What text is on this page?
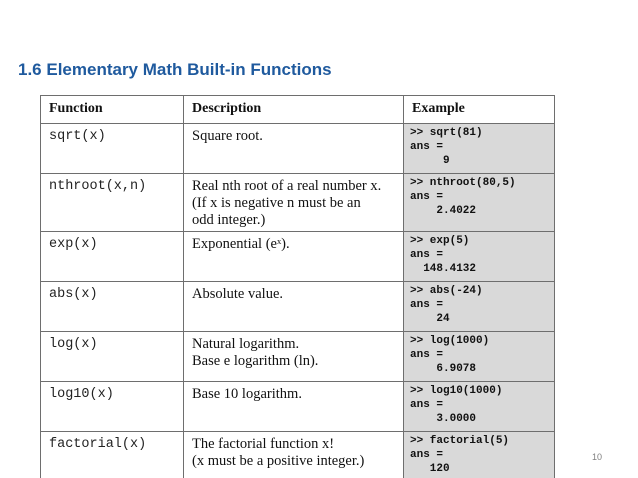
1.6 Elementary Math Built-in Functions
Function	Description	Example

sqrt(x)	Square root.	>> sqrt(81)
ans =
9

nthroot(x,n)	Real nth root of a real number x.
(If x is negative n must be an
odd integer.)	>> nthroot(80,5)
ans =
2.4022

exp(x)	Exponential (eˣ).	>> exp(5)
ans =
148.4132

abs(x)	Absolute value.	>> abs(-24)
ans =
24

log(x)	Natural logarithm.
Base e logarithm (ln).	>> log(1000)
ans =
6.9078

log10(x)	Base 10 logarithm.	>> log10(1000)
ans =
3.0000

factorial(x)	The factorial function x!
(x must be a positive integer.)	>> factorial(5)
ans =
120
10
